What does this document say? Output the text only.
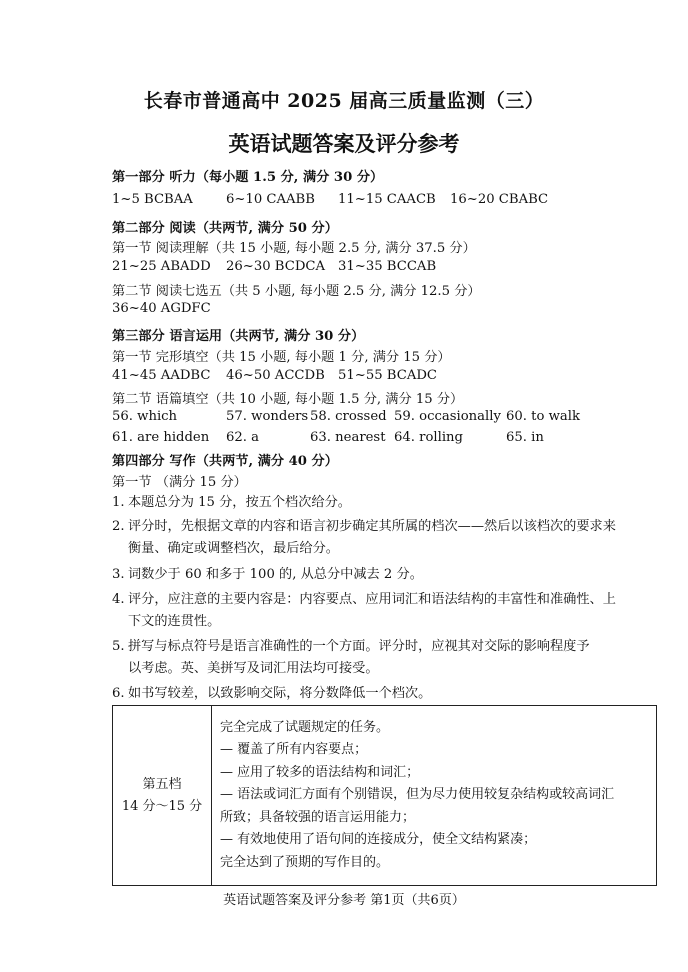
长春市普通高中 2025 届高三质量监测（三）
英语试题答案及评分参考
第一部分 听力（每小题 1.5 分, 满分 30 分）
1~5 BCBAA	6~10 CAABB 11~15 CAACB 16~20 CBABC
第二部分 阅读（共两节, 满分 50 分）
第一节 阅读理解（共 15 小题, 每小题 2.5 分, 满分 37.5 分）
21~25 ABADD 26~30 BCDCA 31~35 BCCAB
第二节 阅读七选五（共 5 小题, 每小题 2.5 分, 满分 12.5 分）
36~40 AGDFC
第三部分 语言运用（共两节, 满分 30 分）
第一节 完形填空（共 15 小题, 每小题 1 分, 满分 15 分）
41~45 AADBC 46~50 ACCDB 51~55 BCADC
第二节 语篇填空（共 10 小题, 每小题 1.5 分, 满分 15 分）
56. which	57. wonders 58. crossed 59. occasionally 60. to walk
61. are hidden 62. a	63. nearest 64. rolling	65. in
第四部分 写作（共两节, 满分 40 分）
第一节 （满分 15 分）
1. 本题总分为 15 分，按五个档次给分。
2. 评分时，先根据文章的内容和语言初步确定其所属的档次——然后以该档次的要求来
衡量、确定或调整档次，最后给分。
3. 词数少于 60 和多于 100 的, 从总分中减去 2 分。
4. 评分，应注意的主要内容是：内容要点、应用词汇和语法结构的丰富性和准确性、上
下文的连贯性。
5. 拼写与标点符号是语言准确性的一个方面。评分时，应视其对交际的影响程度予
以考虑。英、美拼写及词汇用法均可接受。
6. 如书写较差，以致影响交际，将分数降低一个档次。
第五档
14 分～15 分

完全完成了试题规定的任务。
— 覆盖了所有内容要点；
— 应用了较多的语法结构和词汇；
— 语法或词汇方面有个别错误，但为尽力使用较复杂结构或较高词汇
所致；具备较强的语言运用能力；
— 有效地使用了语句间的连接成分，使全文结构紧凑；
完全达到了预期的写作目的。
英语试题答案及评分参考 第1页（共6页）
